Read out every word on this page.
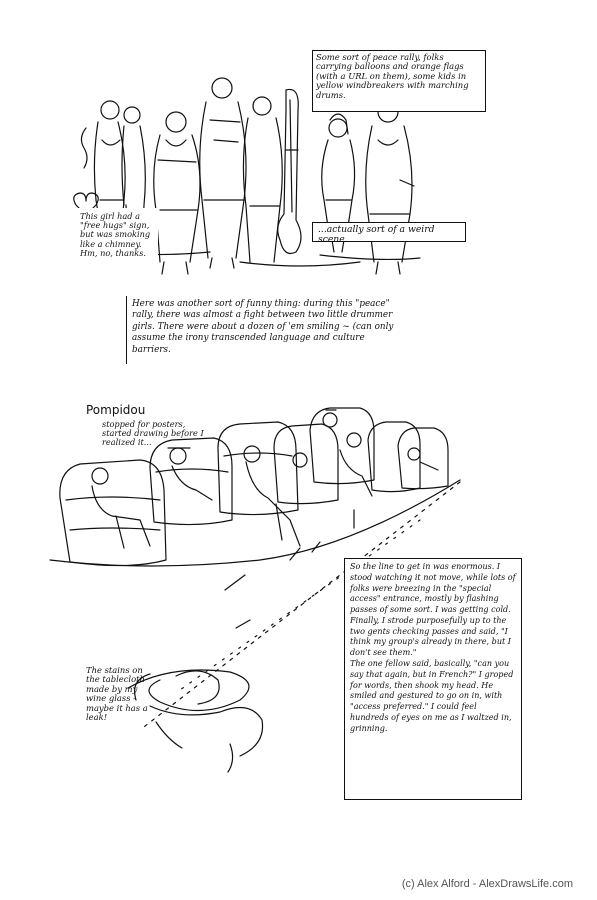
Some sort of peace rally, folks carrying balloons and orange flags (with a URL on them), some kids in yellow windbreakers with marching drums.
This girl had a "free hugs" sign, but was smoking like a chimney. Hm, no, thanks.
...actually sort of a weird scene.
Here was another sort of funny thing: during this "peace" rally, there was almost a fight between two little drummer girls. There were about a dozen of 'em smiling ~ (can only assume the irony transcended language and culture barriers.
Pompidou
stopped for posters, started drawing before I realized it...
So the line to get in was enormous. I stood watching it not move, while lots of folks were breezing in the "special access" entrance, mostly by flashing passes of some sort. I was getting cold. Finally, I strode purposefully up to the two gents checking passes and said, "I think my group's already in there, but I don't see them."
The one fellow said, basically, "can you say that again, but in French?" I groped for words, then shook my head. He smiled and gestured to go on in, with "access preferred." I could feel hundreds of eyes on me as I waltzed in, grinning.
The stains on the tablecloth made by my wine glass - maybe it has a leak!
(c) Alex Alford - AlexDrawsLife.com
